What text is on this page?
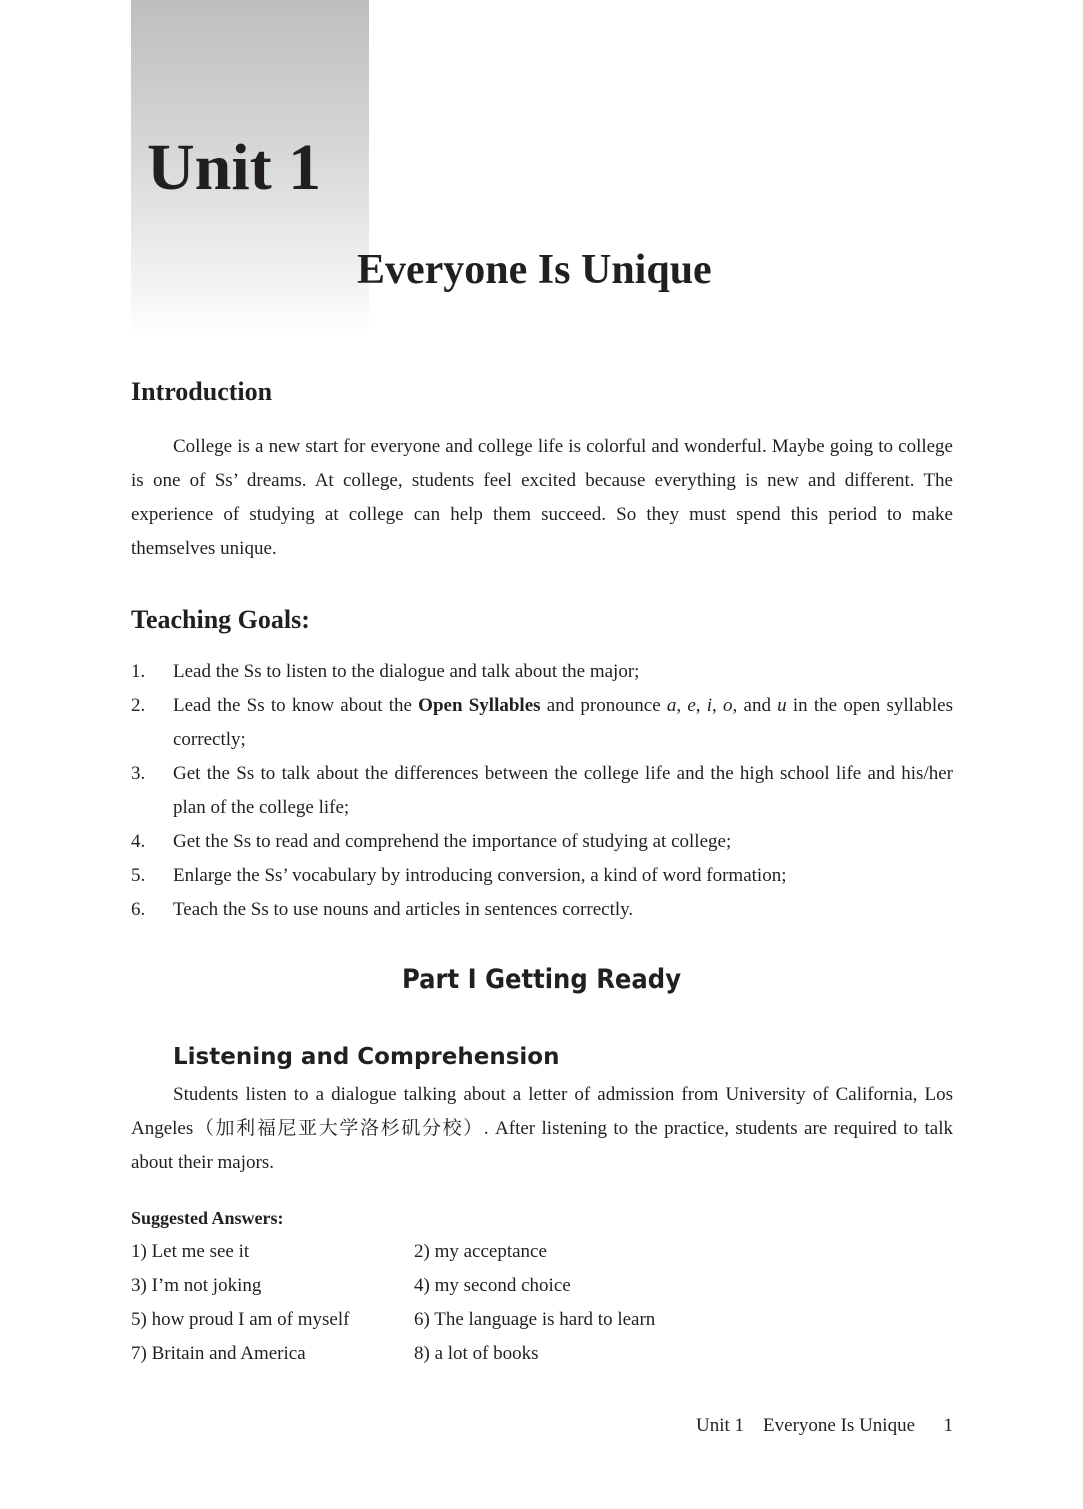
Unit 1
Everyone Is Unique
Introduction

College is a new start for everyone and college life is colorful and wonderful. Maybe going to college is one of Ss’ dreams. At college, students feel excited because everything is new and different. The experience of studying at college can help them succeed. So they must spend this period to make themselves unique.

Teaching Goals:
1. Lead the Ss to listen to the dialogue and talk about the major;
2. Lead the Ss to know about the Open Syllables and pronounce a, e, i, o, and u in the open syllables correctly;
3. Get the Ss to talk about the differences between the college life and the high school life and his/her plan of the college life;
4. Get the Ss to read and comprehend the importance of studying at college;
5. Enlarge the Ss’ vocabulary by introducing conversion, a kind of word formation;
6. Teach the Ss to use nouns and articles in sentences correctly.
Part I Getting Ready
Listening and Comprehension

Students listen to a dialogue talking about a letter of admission from University of California, Los Angeles（加利福尼亚大学洛杉矶分校）. After listening to the practice, students are required to talk about their majors.

Suggested Answers:

1) Let me see it	2) my acceptance
3) I’m not joking	4) my second choice
5) how proud I am of myself	6) The language is hard to learn
7) Britain and America	8) a lot of books
Unit 1    Everyone Is Unique 1
